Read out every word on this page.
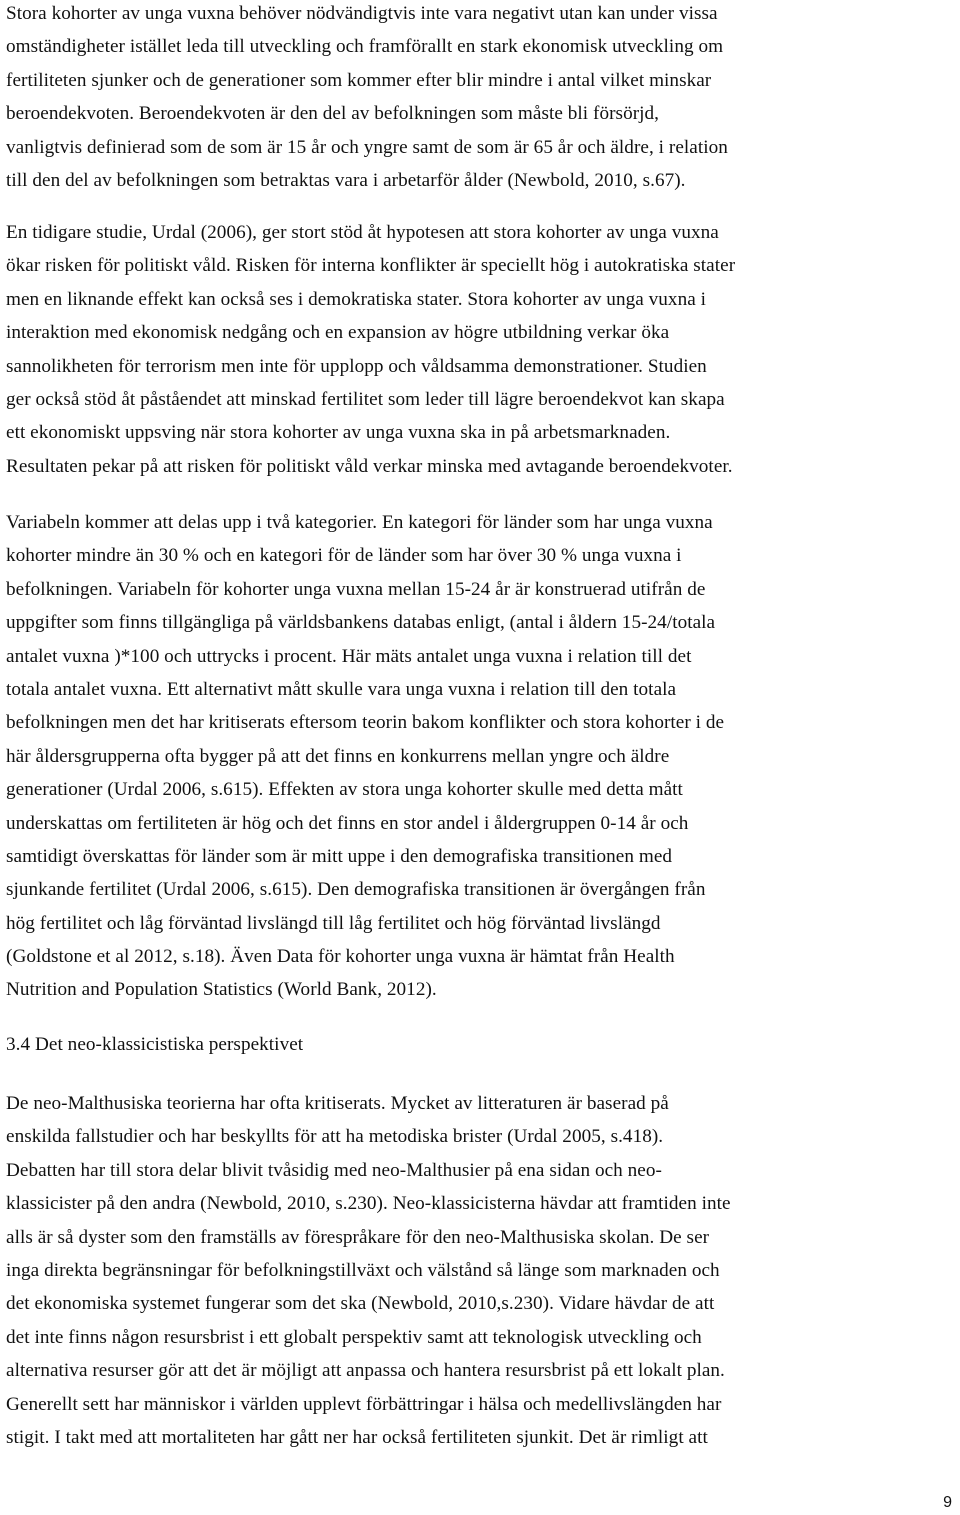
Stora kohorter av unga vuxna behöver nödvändigtvis inte vara negativt utan kan under vissa
omständigheter istället leda till utveckling och framförallt en stark ekonomisk utveckling om
fertiliteten sjunker och de generationer som kommer efter blir mindre i antal vilket minskar
beroendekvoten. Beroendekvoten är den del av befolkningen som måste bli försörjd,
vanligtvis definierad som de som är 15 år och yngre samt de som är 65 år och äldre, i relation
till den del av befolkningen som betraktas vara i arbetarför ålder (Newbold, 2010, s.67).
En tidigare studie, Urdal (2006), ger stort stöd åt hypotesen att stora kohorter av unga vuxna
ökar risken för politiskt våld. Risken för interna konflikter är speciellt hög i autokratiska stater
men en liknande effekt kan också ses i demokratiska stater. Stora kohorter av unga vuxna i
interaktion med ekonomisk nedgång och en expansion av högre utbildning verkar öka
sannolikheten för terrorism men inte för upplopp och våldsamma demonstrationer. Studien
ger också stöd åt påståendet att minskad fertilitet som leder till lägre beroendekvot kan skapa
ett ekonomiskt uppsving när stora kohorter av unga vuxna ska in på arbetsmarknaden.
Resultaten pekar på att risken för politiskt våld verkar minska med avtagande beroendekvoter.
Variabeln kommer att delas upp i två kategorier. En kategori för länder som har unga vuxna
kohorter mindre än 30 % och en kategori för de länder som har över 30 % unga vuxna i
befolkningen. Variabeln för kohorter unga vuxna mellan 15-24 år är konstruerad utifrån de
uppgifter som finns tillgängliga på världsbankens databas enligt, (antal i åldern 15-24/totala
antalet vuxna )*100 och uttrycks i procent. Här mäts antalet unga vuxna i relation till det
totala antalet vuxna. Ett alternativt mått skulle vara unga vuxna i relation till den totala
befolkningen men det har kritiserats eftersom teorin bakom konflikter och stora kohorter i de
här åldersgrupperna ofta bygger på att det finns en konkurrens mellan yngre och äldre
generationer (Urdal 2006, s.615). Effekten av stora unga kohorter skulle med detta mått
underskattas om fertiliteten är hög och det finns en stor andel i åldergruppen 0-14 år och
samtidigt överskattas för länder som är mitt uppe i den demografiska transitionen med
sjunkande fertilitet (Urdal 2006, s.615). Den demografiska transitionen är övergången från
hög fertilitet och låg förväntad livslängd till låg fertilitet och hög förväntad livslängd
(Goldstone et al 2012, s.18). Även Data för kohorter unga vuxna är hämtat från Health
Nutrition and Population Statistics (World Bank, 2012).
3.4 Det neo-klassicistiska perspektivet
De neo-Malthusiska teorierna har ofta kritiserats. Mycket av litteraturen är baserad på
enskilda fallstudier och har beskyllts för att ha metodiska brister (Urdal 2005, s.418).
Debatten har till stora delar blivit tvåsidig med neo-Malthusier på ena sidan och neo-
klassicister på den andra (Newbold, 2010, s.230). Neo-klassicisterna hävdar att framtiden inte
alls är så dyster som den framställs av förespråkare för den neo-Malthusiska skolan. De ser
inga direkta begränsningar för befolkningstillväxt och välstånd så länge som marknaden och
det ekonomiska systemet fungerar som det ska (Newbold, 2010,s.230). Vidare hävdar de att
det inte finns någon resursbrist i ett globalt perspektiv samt att teknologisk utveckling och
alternativa resurser gör att det är möjligt att anpassa och hantera resursbrist på ett lokalt plan.
Generellt sett har människor i världen upplevt förbättringar i hälsa och medellivslängden har
stigit. I takt med att mortaliteten har gått ner har också fertiliteten sjunkit. Det är rimligt att
9
